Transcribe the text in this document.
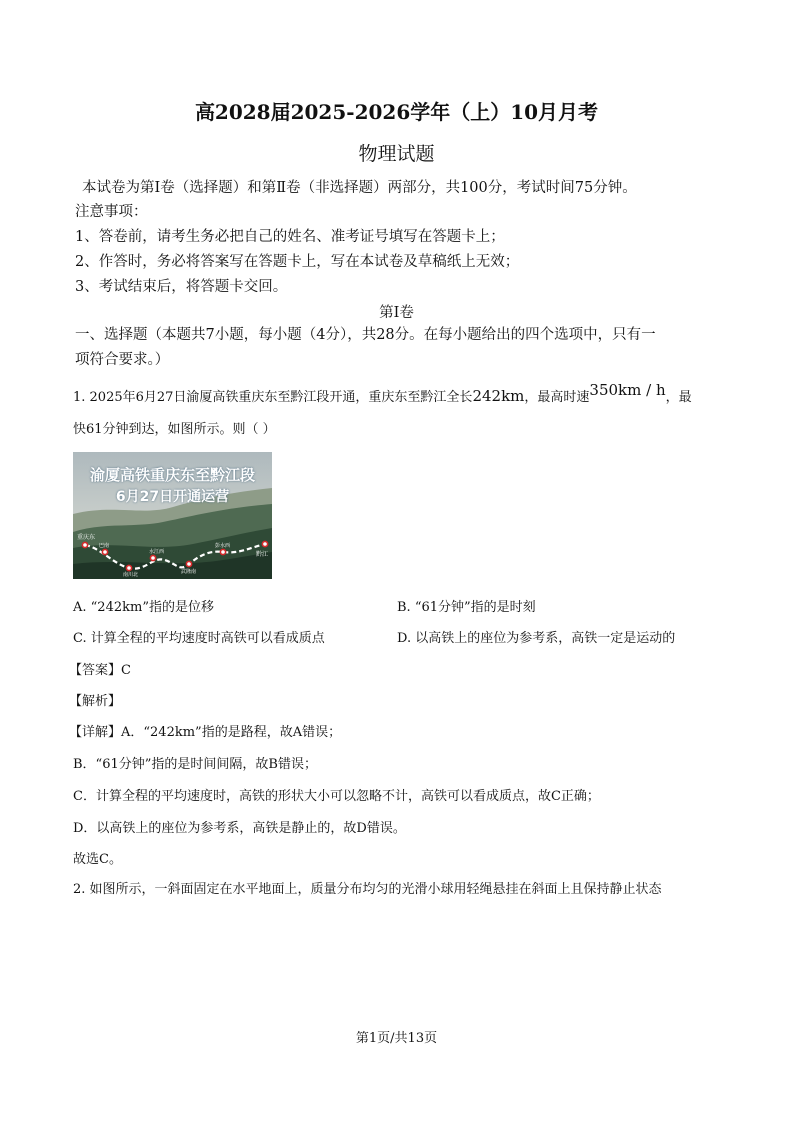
高2028届2025-2026学年（上）10月月考
物理试题
本试卷为第Ⅰ卷（选择题）和第Ⅱ卷（非选择题）两部分，共100分，考试时间75分钟。
注意事项：
1、答卷前，请考生务必把自己的姓名、准考证号填写在答题卡上；
2、作答时，务必将答案写在答题卡上，写在本试卷及草稿纸上无效；
3、考试结束后，将答题卡交回。
第Ⅰ卷
一、选择题（本题共7小题，每小题（4分），共28分。在每小题给出的四个选项中，只有一
项符合要求。）
1. 2025年6月27日渝厦高铁重庆东至黔江段开通，重庆东至黔江全长242km，最高时速350km / h，最
快61分钟到达，如图所示。则（ ）
渝厦高铁重庆东至黔江段
6月27日开通运营
重庆东
巴南
南川北
水江西
武隆南
彭水西
黔江
A. “242km”指的是位移	B. “61分钟”指的是时刻
C. 计算全程的平均速度时高铁可以看成质点	D. 以高铁上的座位为参考系，高铁一定是运动的
【答案】C
【解析】
【详解】A．“242km”指的是路程，故A错误；
B．“61分钟”指的是时间间隔，故B错误；
C．计算全程的平均速度时，高铁的形状大小可以忽略不计，高铁可以看成质点，故C正确；
D．以高铁上的座位为参考系，高铁是静止的，故D错误。
故选C。
2. 如图所示，一斜面固定在水平地面上，质量分布均匀的光滑小球用轻绳悬挂在斜面上且保持静止状态
第1页/共13页
